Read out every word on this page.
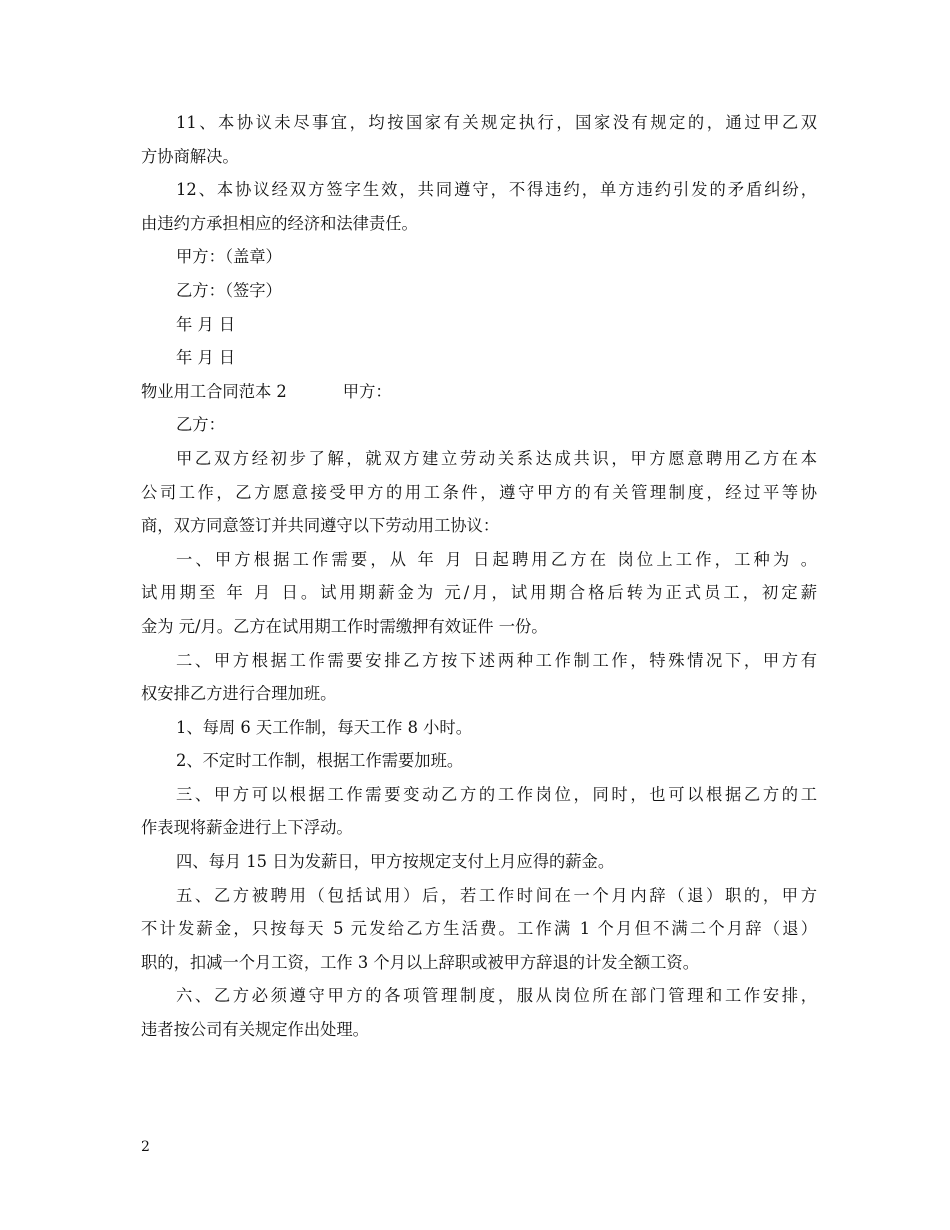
11、本协议未尽事宜，均按国家有关规定执行，国家没有规定的，通过甲乙双
方协商解决。
12、本协议经双方签字生效，共同遵守，不得违约，单方违约引发的矛盾纠纷，
由违约方承担相应的经济和法律责任。
甲方：（盖章）
乙方：（签字）
年 月 日
年 月 日
物业用工合同范本 2	甲方：
乙方：
甲乙双方经初步了解，就双方建立劳动关系达成共识，甲方愿意聘用乙方在本
公司工作，乙方愿意接受甲方的用工条件，遵守甲方的有关管理制度，经过平等协
商，双方同意签订并共同遵守以下劳动用工协议：
一、甲方根据工作需要，从 年 月 日起聘用乙方在 岗位上工作，工种为 。
试用期至 年 月 日。试用期薪金为 元/月，试用期合格后转为正式员工，初定薪
金为 元/月。乙方在试用期工作时需缴押有效证件 一份。
二、甲方根据工作需要安排乙方按下述两种工作制工作，特殊情况下，甲方有
权安排乙方进行合理加班。
1、每周 6 天工作制，每天工作 8 小时。
2、不定时工作制，根据工作需要加班。
三、甲方可以根据工作需要变动乙方的工作岗位，同时，也可以根据乙方的工
作表现将薪金进行上下浮动。
四、每月 15 日为发薪日，甲方按规定支付上月应得的薪金。
五、乙方被聘用（包括试用）后，若工作时间在一个月内辞（退）职的，甲方
不计发薪金，只按每天 5 元发给乙方生活费。工作满 1 个月但不满二个月辞（退）
职的，扣减一个月工资，工作 3 个月以上辞职或被甲方辞退的计发全额工资。
六、乙方必须遵守甲方的各项管理制度，服从岗位所在部门管理和工作安排，
违者按公司有关规定作出处理。
2
